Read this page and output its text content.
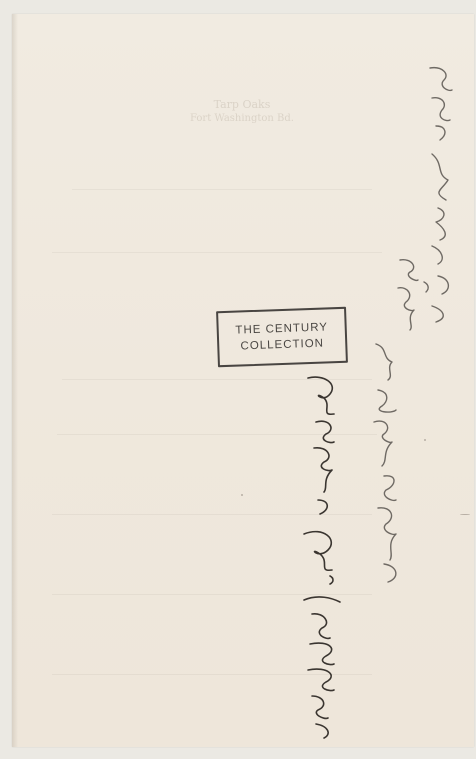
Tarp Oaks
Fort Washington Bd.
THE CENTURY
COLLECTION
